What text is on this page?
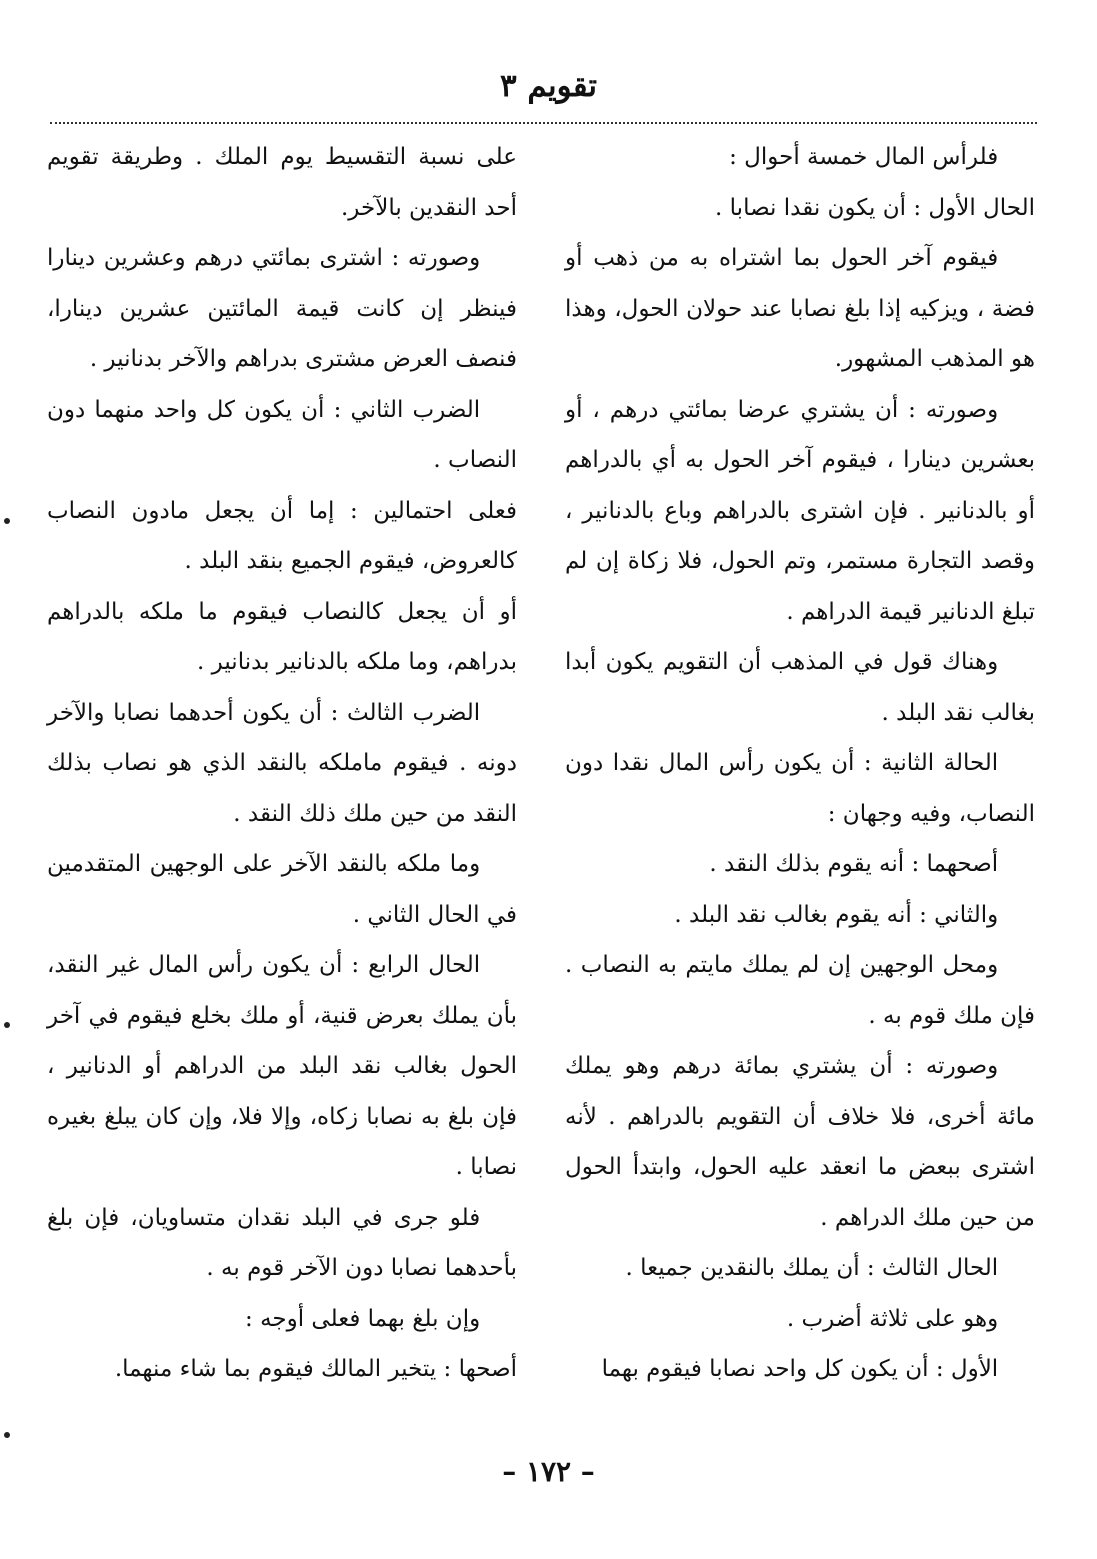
تقويم ٣

فلرأس المال خمسة أحوال :

الحال الأول : أن يكون نقدا نصابا .

فيقوم آخر الحول بما اشتراه به من ذهب أو فضة ، ويزكيه إذا بلغ نصابا عند حولان الحول، وهذا هو المذهب المشهور.

وصورته : أن يشتري عرضا بمائتي درهم ، أو بعشرين دينارا ، فيقوم آخر الحول به أي بالدراهم أو بالدنانير . فإن اشترى بالدراهم وباع بالدنانير ، وقصد التجارة مستمر، وتم الحول، فلا زكاة إن لم تبلغ الدنانير قيمة الدراهم .

وهناك قول في المذهب أن التقويم يكون أبدا بغالب نقد البلد .

الحالة الثانية : أن يكون رأس المال نقدا دون النصاب، وفيه وجهان :

أصحهما : أنه يقوم بذلك النقد .

والثاني : أنه يقوم بغالب نقد البلد .

ومحل الوجهين إن لم يملك مايتم به النصاب . فإن ملك قوم به .

وصورته : أن يشتري بمائة درهم وهو يملك مائة أخرى، فلا خلاف أن التقويم بالدراهم . لأنه اشترى ببعض ما انعقد عليه الحول، وابتدأ الحول من حين ملك الدراهم .

الحال الثالث : أن يملك بالنقدين جميعا .

وهو على ثلاثة أضرب .

الأول : أن يكون كل واحد نصابا فيقوم بهما

على نسبة التقسيط يوم الملك . وطريقة تقويم أحد النقدين بالآخر.

وصورته : اشترى بمائتي درهم وعشرين دينارا فينظر إن كانت قيمة المائتين عشرين دينارا، فنصف العرض مشترى بدراهم والآخر بدنانير .

الضرب الثاني : أن يكون كل واحد منهما دون النصاب .

فعلى احتمالين : إما أن يجعل مادون النصاب كالعروض، فيقوم الجميع بنقد البلد .

أو أن يجعل كالنصاب فيقوم ما ملكه بالدراهم بدراهم، وما ملكه بالدنانير بدنانير .

الضرب الثالث : أن يكون أحدهما نصابا والآخر دونه . فيقوم ماملكه بالنقد الذي هو نصاب بذلك النقد من حين ملك ذلك النقد .

وما ملكه بالنقد الآخر على الوجهين المتقدمين في الحال الثاني .

الحال الرابع : أن يكون رأس المال غير النقد، بأن يملك بعرض قنية، أو ملك بخلع فيقوم في آخر الحول بغالب نقد البلد من الدراهم أو الدنانير ، فإن بلغ به نصابا زكاه، وإلا فلا، وإن كان يبلغ بغيره نصابا .

فلو جرى في البلد نقدان متساويان، فإن بلغ بأحدهما نصابا دون الآخر قوم به .

وإن بلغ بهما فعلى أوجه :

أصحها : يتخير المالك فيقوم بما شاء منهما.

– ١٧٢ –
